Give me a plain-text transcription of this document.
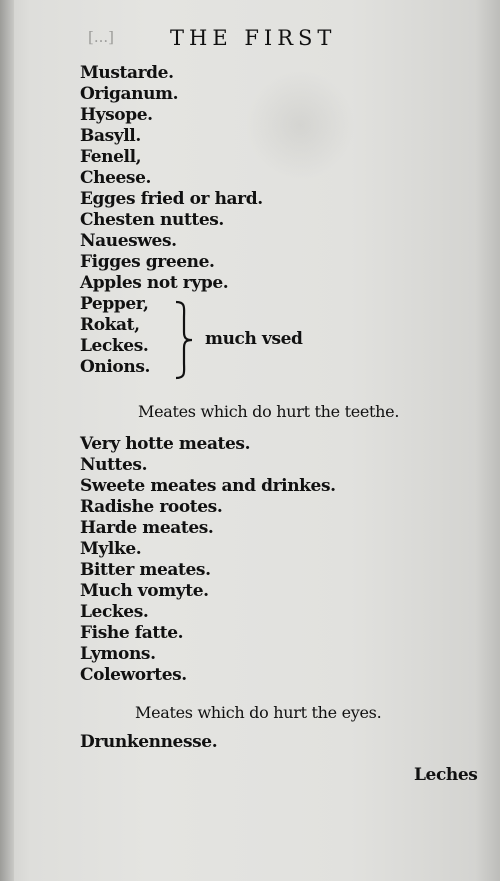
[...]	THE FIRST
Mustarde.
Origanum.
Hysope.
Basyll.
Fenell,
Cheese.
Egges fried or hard.
Chesten nuttes.
Naueswes.
Figges greene.
Apples not rype.
Pepper,
Rokat,
Leckes.
Onions.
much vsed
Meates which do hurt the teethe.
Very hotte meates.
Nuttes.
Sweete meates and drinkes.
Radishe rootes.
Harde meates.
Mylke.
Bitter meates.
Much vomyte.
Leckes.
Fishe fatte.
Lymons.
Colewortes.
Meates which do hurt the eyes.
Drunkennesse.
Leches
